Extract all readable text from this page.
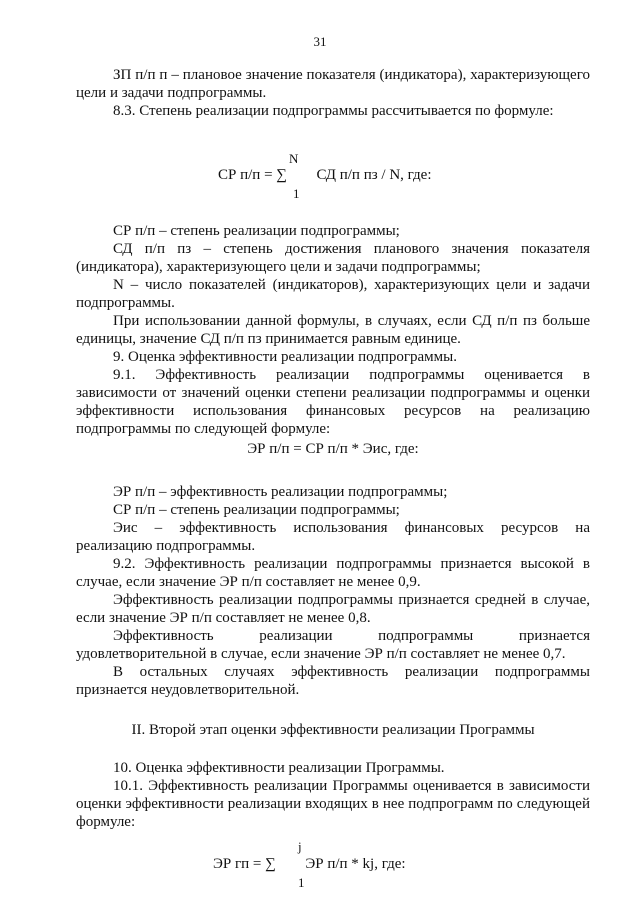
31

ЗП п/п п – плановое значение показателя (индикатора), характеризующего цели и задачи подпрограммы.

8.3. Степень реализации подпрограммы рассчитывается по формуле:

N
СР п/п = ∑ СД п/п пз / N, где:
1

СР п/п – степень реализации подпрограммы;

СД п/п пз – степень достижения планового значения показателя (индикатора), характеризующего цели и задачи подпрограммы;

N – число показателей (индикаторов), характеризующих цели и задачи подпрограммы.

При использовании данной формулы, в случаях, если СД п/п пз больше единицы, значение СД п/п пз принимается равным единице.

9. Оценка эффективности реализации подпрограммы.

9.1. Эффективность реализации подпрограммы оценивается в зависимости от значений оценки степени реализации подпрограммы и оценки эффективности использования финансовых ресурсов на реализацию подпрограммы по следующей формуле:

ЭР п/п = СР п/п * Эис, где:

ЭР п/п – эффективность реализации подпрограммы;

СР п/п – степень реализации подпрограммы;

Эис – эффективность использования финансовых ресурсов на реализацию подпрограммы.

9.2. Эффективность реализации подпрограммы признается высокой в случае, если значение ЭР п/п составляет не менее 0,9.

Эффективность реализации подпрограммы признается средней в случае, если значение ЭР п/п составляет не менее 0,8.

Эффективность реализации подпрограммы признается удовлетворительной в случае, если значение ЭР п/п составляет не менее 0,7.

В остальных случаях эффективность реализации подпрограммы признается неудовлетворительной.

II. Второй этап оценки эффективности реализации Программы

10. Оценка эффективности реализации Программы.

10.1. Эффективность реализации Программы оценивается в зависимости оценки эффективности реализации входящих в нее подпрограмм по следующей формуле:

j
ЭР гп = ∑ ЭР п/п * kj, где:
1
